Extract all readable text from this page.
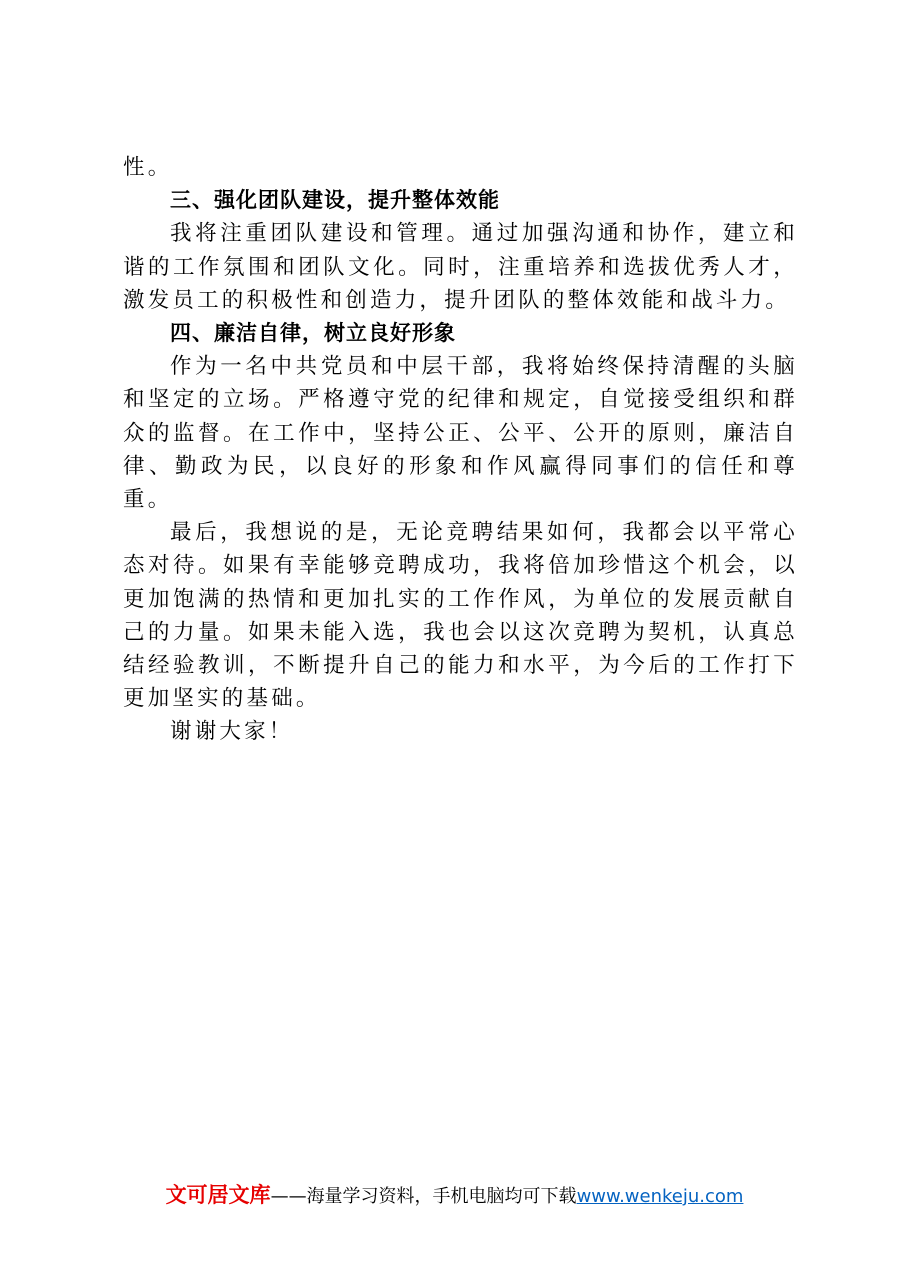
性。

三、强化团队建设，提升整体效能

我将注重团队建设和管理。通过加强沟通和协作，建立和谐的工作氛围和团队文化。同时，注重培养和选拔优秀人才，激发员工的积极性和创造力，提升团队的整体效能和战斗力。

四、廉洁自律，树立良好形象

作为一名中共党员和中层干部，我将始终保持清醒的头脑和坚定的立场。严格遵守党的纪律和规定，自觉接受组织和群众的监督。在工作中，坚持公正、公平、公开的原则，廉洁自律、勤政为民，以良好的形象和作风赢得同事们的信任和尊重。

最后，我想说的是，无论竞聘结果如何，我都会以平常心态对待。如果有幸能够竞聘成功，我将倍加珍惜这个机会，以更加饱满的热情和更加扎实的工作作风，为单位的发展贡献自己的力量。如果未能入选，我也会以这次竞聘为契机，认真总结经验教训，不断提升自己的能力和水平，为今后的工作打下更加坚实的基础。

谢谢大家！

文可居文库——海量学习资料，手机电脑均可下载www.wenkeju.com
